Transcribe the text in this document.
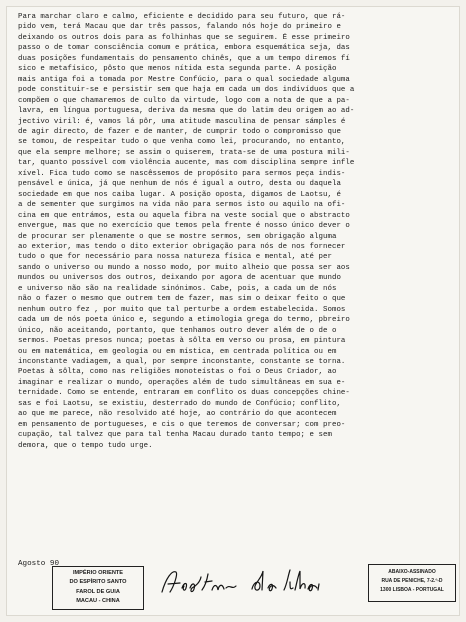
Para marchar claro e calmo, eficiente e decidido para seu futuro, que rá-
pido vem, terá Macau que dar três passos, falando nós hoje do primeiro e
deixando os outros dois para as folhinhas que se seguirem. É esse primeiro
passo o de tomar consciência comum e prática, embora esquemática seja, das
duas posições fundamentais do pensamento chinês, que a um tempo diremos fí
sico e metafísico, pôsto que menos nítida esta segunda parte. A posição
mais antiga foi a tomada por Mestre Confúcio, para o qual sociedade alguma
pode constituir-se e persistir sem que haja em cada um dos indivíduos que a
compõem o que chamaremos de culto da virtude, logo com a nota de que a pa-
lavra, em língua portuguesa, deriva da mesma que do latim deu origem ao ad-
jectivo viril: é, vamos lá pôr, uma atitude masculina de pensar sámples é
de agir directo, de fazer e de manter, de cumprir todo o compromisso que
se tomou, de respeitar tudo o que venha como lei, procurando, no entanto,
que ela sempre melhore; se assim o quiserem, trata-se de uma postura mili-
tar, quanto possível com violência aucente, mas com disciplina sempre infle
xível. Fica tudo como se nascêssemos de propósito para sermos peça indis-
pensável e única, já que nenhum de nós é igual a outro, desta ou daquela
sociedade em que nos caiba lugar. A posição oposta, digamos de Laotsu, é
a de sementer que surgimos na vida não para sermos isto ou aquilo na ofi-
cina em que entrámos, esta ou aquela fibra na veste social que o abstracto
envergue, mas que no exercício que temos pela frente é nosso único dever o
de procurar ser plenamente o que se mostre sermos, sem obrigação alguma
ao exterior, mas tendo o dito exterior obrigação para nós de nos fornecer
tudo o que for necessário para nossa natureza física e mental, até per
sando o universo ou mundo a nosso modo, por muito alheio que possa ser aos
mundos ou universos dos outros, deixando por agora de acentuar que mundo
e universo não são na realidade sinónimos. Cabe, pois, a cada um de nós
não o fazer o mesmo que outrem tem de fazer, mas sim o deixar feito o que
nenhum outro fez , por muito que tal perturbe a ordem estabelecida. Somos
cada um de nós poeta único e, segundo a etimologia grega do termo, pbreiro
único, não aceitando, portanto, que tenhamos outro dever além de o de o
sermos. Poetas presos nunca; poetas à sôlta em verso ou prosa, em pintura
ou em matemática, em geologia ou em mística, em centrada política ou em
inconstante vadiagem, a qual, por sempre inconstante, constante se torna.
Poetas à sôlta, como nas religiões monoteístas o foi o Deus Criador, ao
imaginar e realizar o mundo, operações além de tudo simultâneas em sua e-
ternidade. Como se entende, entraram em conflito os duas concepções chine-
sas e foi Laotsu, se existiu, desterrado do mundo de Confúcio; conflito,
ao que me parece, não resolvido até hoje, ao contrário do que acontecem
em pensamento de portugueses, e cis o que teremos de conversar; com preo-
cupação, tal talvez que para tal tenha Macau durado tanto tempo; e sem
demora, que o tempo tudo urge.
Agosto 90
IMPÉRIO ORIENTE
DO ESPÍRITO SANTO
FAROL DE GUIA
MACAU - CHINA
ABAIXO-ASSINADO
RUA DE PENICHE, 7-2.º-D
1300 LISBOA - PORTUGAL
